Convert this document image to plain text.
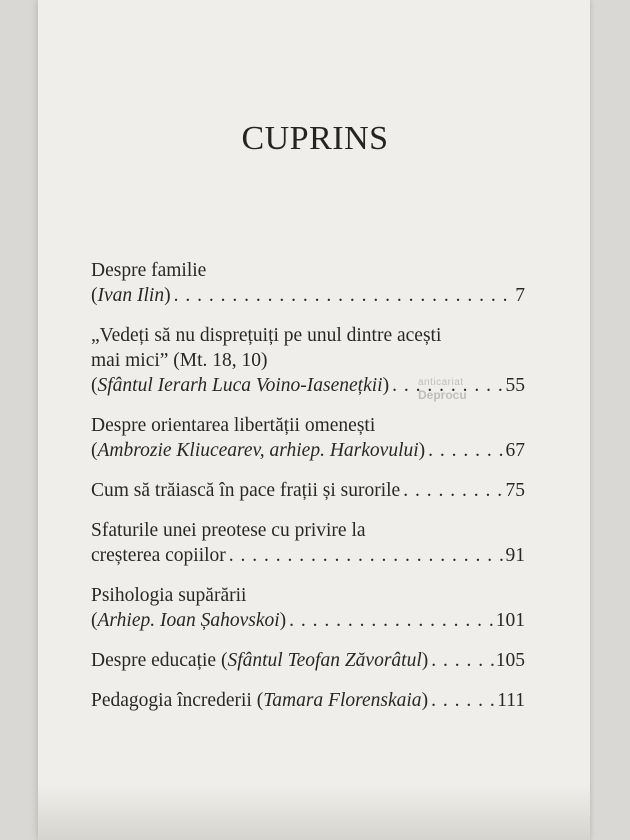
CUPRINS
Despre familie
(Ivan Ilin) . . .	7
„Vedeți să nu disprețuiți pe unul dintre acești
mai mici” (Mt. 18, 10)
(Sfântul Ierarh Luca Voino-Iasenețkii) . . .	55
Despre orientarea libertății omenești
(Ambrozie Kliucearev, arhiep. Harkovului) . . .	67
Cum să trăiască în pace frații și surorile . . .	75
Sfaturile unei preotese cu privire la
creșterea copiilor . . .	91
Psihologia supărării
(Arhiep. Ioan Șahovskoi) . . .	101
Despre educație (Sfântul Teofan Zăvorâtul) . . .	105
Pedagogia încrederii (Tamara Florenskaia) . . .	111
anticariat
Deprocu
